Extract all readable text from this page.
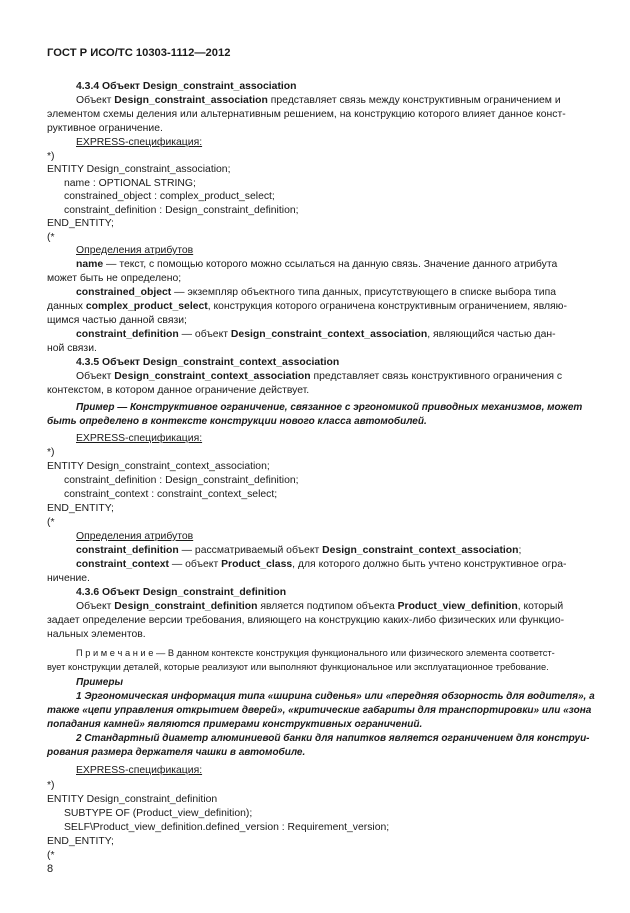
ГОСТ Р ИСО/ТС 10303-1112—2012
4.3.4 Объект Design_constraint_association
Объект Design_constraint_association представляет связь между конструктивным ограничением и
элементом схемы деления или альтернативным решением, на конструкцию которого влияет данное конст-
руктивное ограничение.
EXPRESS-спецификация:
*)
ENTITY Design_constraint_association;
name : OPTIONAL STRING;
constrained_object : complex_product_select;
constraint_definition : Design_constraint_definition;
END_ENTITY;
(*
Определения атрибутов
name — текст, с помощью которого можно ссылаться на данную связь. Значение данного атрибута
может быть не определено;
constrained_object — экземпляр объектного типа данных, присутствующего в списке выбора типа
данных complex_product_select, конструкция которого ограничена конструктивным ограничением, являю-
щимся частью данной связи;
constraint_definition — объект Design_constraint_context_association, являющийся частью дан-
ной связи.
4.3.5 Объект Design_constraint_context_association
Объект Design_constraint_context_association представляет связь конструктивного ограничения с
контекстом, в котором данное ограничение действует.
Пример — Конструктивное ограничение, связанное с эргономикой приводных механизмов, может
быть определено в контексте конструкции нового класса автомобилей.
EXPRESS-спецификация:
*)
ENTITY Design_constraint_context_association;
constraint_definition : Design_constraint_definition;
constraint_context : constraint_context_select;
END_ENTITY;
(*
Определения атрибутов
constraint_definition — рассматриваемый объект Design_constraint_context_association;
constraint_context — объект Product_class, для которого должно быть учтено конструктивное огра-
ничение.
4.3.6 Объект Design_constraint_definition
Объект Design_constraint_definition является подтипом объекта Product_view_definition, который
задает определение версии требования, влияющего на конструкцию каких-либо физических или функцио-
нальных элементов.
П р и м е ч а н и е — В данном контексте конструкция функционального или физического элемента соответст-
вует конструкции деталей, которые реализуют или выполняют функциональное или эксплуатационное требование.
Примеры
1 Эргономическая информация типа «ширина сиденья» или «передняя обзорность для водителя», а
также «цепи управления открытием дверей», «критические габариты для транспортировки» или «зона
попадания камней» являются примерами конструктивных ограничений.
2 Стандартный диаметр алюминиевой банки для напитков является ограничением для конструи-
рования размера держателя чашки в автомобиле.
EXPRESS-спецификация:
*)
ENTITY Design_constraint_definition
SUBTYPE OF (Product_view_definition);
SELF\Product_view_definition.defined_version : Requirement_version;
END_ENTITY;
(*
8
